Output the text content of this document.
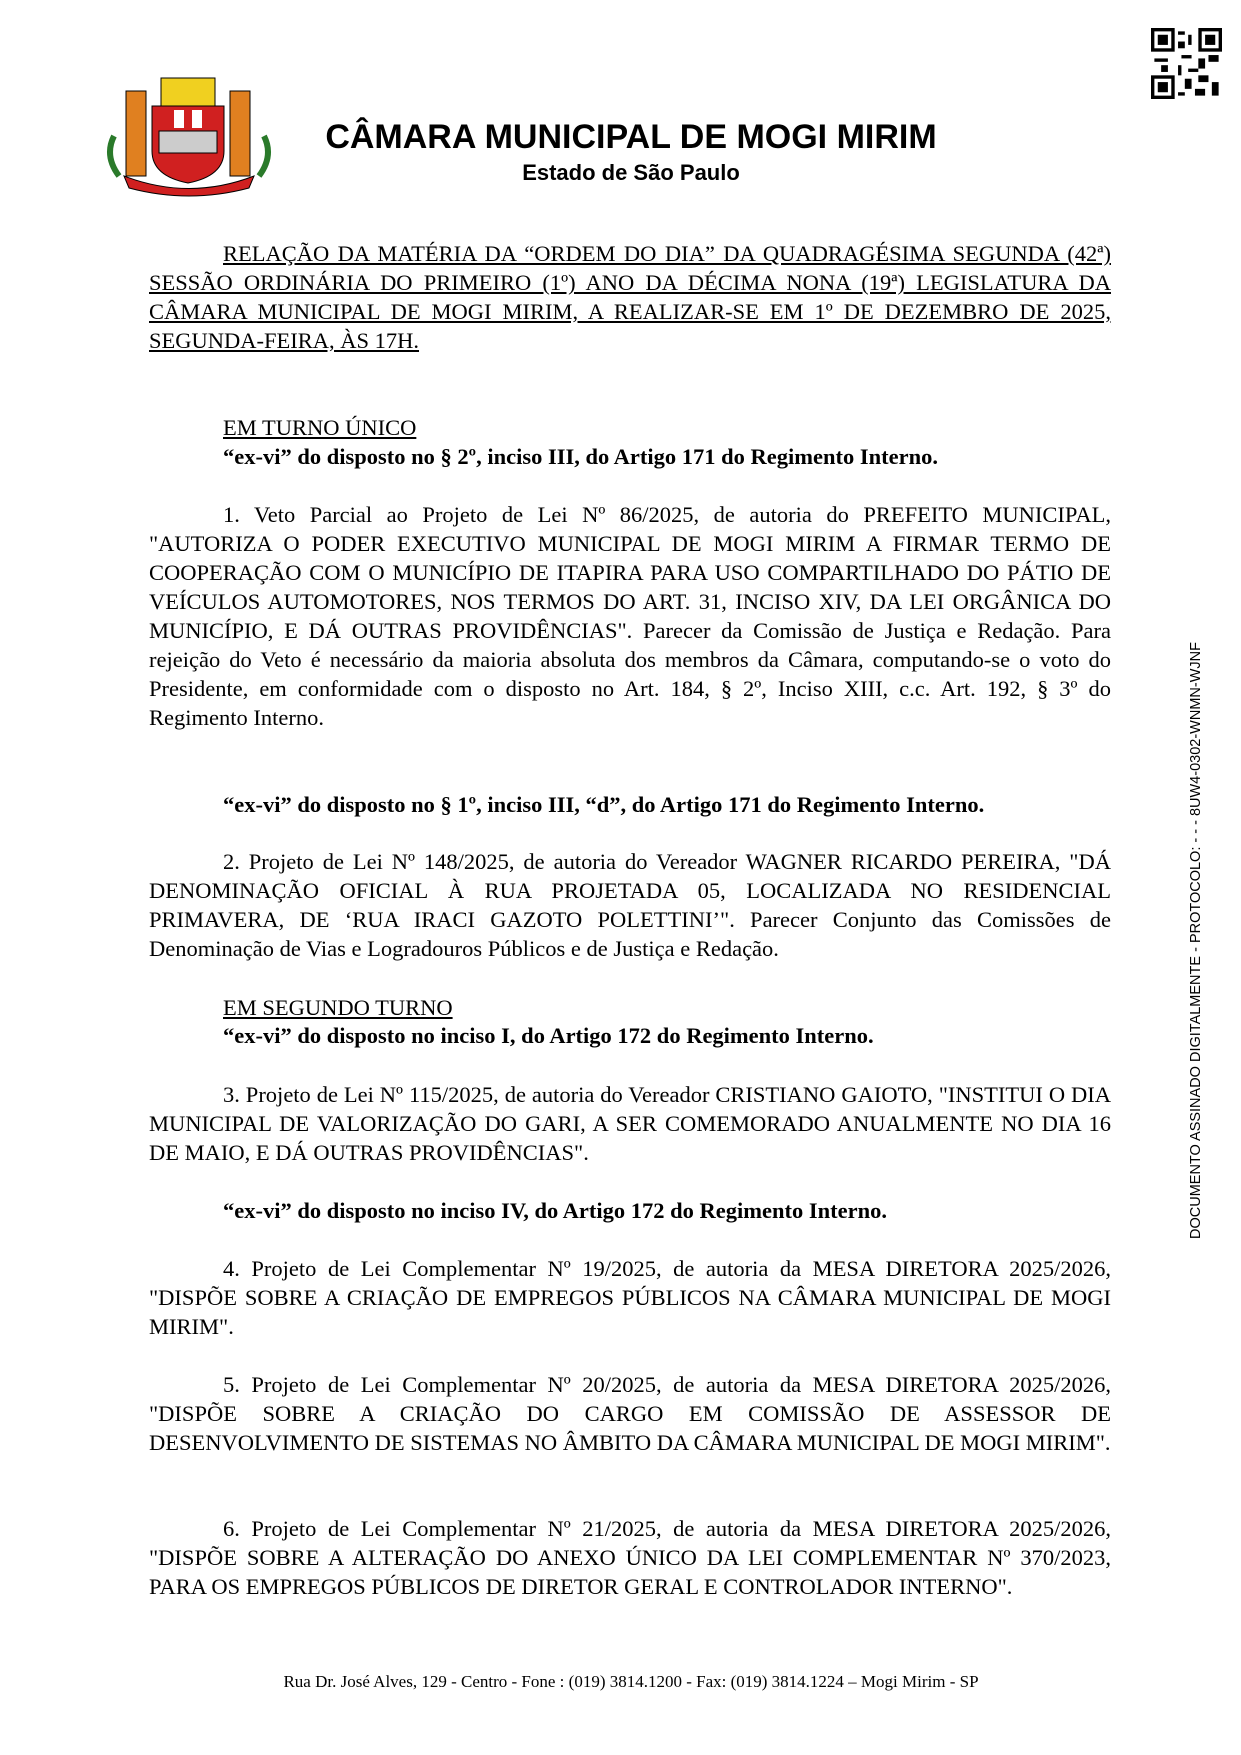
CÂMARA MUNICIPAL DE MOGI MIRIM
Estado de São Paulo
RELAÇÃO DA MATÉRIA DA “ORDEM DO DIA” DA QUADRAGÉSIMA SEGUNDA (42ª) SESSÃO ORDINÁRIA DO PRIMEIRO (1º) ANO DA DÉCIMA NONA (19ª) LEGISLATURA DA CÂMARA MUNICIPAL DE MOGI MIRIM, A REALIZAR-SE EM 1º DE DEZEMBRO DE 2025, SEGUNDA-FEIRA, ÀS 17H.
EM TURNO ÚNICO
“ex-vi” do disposto no § 2º, inciso III, do Artigo 171 do Regimento Interno.
1. Veto Parcial ao Projeto de Lei Nº 86/2025, de autoria do PREFEITO MUNICIPAL, "AUTORIZA O PODER EXECUTIVO MUNICIPAL DE MOGI MIRIM A FIRMAR TERMO DE COOPERAÇÃO COM O MUNICÍPIO DE ITAPIRA PARA USO COMPARTILHADO DO PÁTIO DE VEÍCULOS AUTOMOTORES, NOS TERMOS DO ART. 31, INCISO XIV, DA LEI ORGÂNICA DO MUNICÍPIO, E DÁ OUTRAS PROVIDÊNCIAS". Parecer da Comissão de Justiça e Redação. Para rejeição do Veto é necessário da maioria absoluta dos membros da Câmara, computando-se o voto do Presidente, em conformidade com o disposto no Art. 184, § 2º, Inciso XIII, c.c. Art. 192, § 3º do Regimento Interno.
“ex-vi” do disposto no § 1º, inciso III, “d”, do Artigo 171 do Regimento Interno.
2. Projeto de Lei Nº 148/2025, de autoria do Vereador WAGNER RICARDO PEREIRA, "DÁ DENOMINAÇÃO OFICIAL À RUA PROJETADA 05, LOCALIZADA NO RESIDENCIAL PRIMAVERA, DE ‘RUA IRACI GAZOTO POLETTINI’". Parecer Conjunto das Comissões de Denominação de Vias e Logradouros Públicos e de Justiça e Redação.
EM SEGUNDO TURNO
“ex-vi” do disposto no inciso I, do Artigo 172 do Regimento Interno.
3. Projeto de Lei Nº 115/2025, de autoria do Vereador CRISTIANO GAIOTO, "INSTITUI O DIA MUNICIPAL DE VALORIZAÇÃO DO GARI, A SER COMEMORADO ANUALMENTE NO DIA 16 DE MAIO, E DÁ OUTRAS PROVIDÊNCIAS".
“ex-vi” do disposto no inciso IV, do Artigo 172 do Regimento Interno.
4. Projeto de Lei Complementar Nº 19/2025, de autoria da MESA DIRETORA 2025/2026, "DISPÕE SOBRE A CRIAÇÃO DE EMPREGOS PÚBLICOS NA CÂMARA MUNICIPAL DE MOGI MIRIM".
5. Projeto de Lei Complementar Nº 20/2025, de autoria da MESA DIRETORA 2025/2026, "DISPÕE SOBRE A CRIAÇÃO DO CARGO EM COMISSÃO DE ASSESSOR DE DESENVOLVIMENTO DE SISTEMAS NO ÂMBITO DA CÂMARA MUNICIPAL DE MOGI MIRIM".
6. Projeto de Lei Complementar Nº 21/2025, de autoria da MESA DIRETORA 2025/2026, "DISPÕE SOBRE A ALTERAÇÃO DO ANEXO ÚNICO DA LEI COMPLEMENTAR Nº 370/2023, PARA OS EMPREGOS PÚBLICOS DE DIRETOR GERAL E CONTROLADOR INTERNO".
DOCUMENTO ASSINADO DIGITALMENTE - PROTOCOLO: - - - 8UW4-0302-WNMN-WJNF
Rua Dr. José Alves, 129 - Centro - Fone : (019) 3814.1200 - Fax: (019) 3814.1224 – Mogi Mirim - SP
